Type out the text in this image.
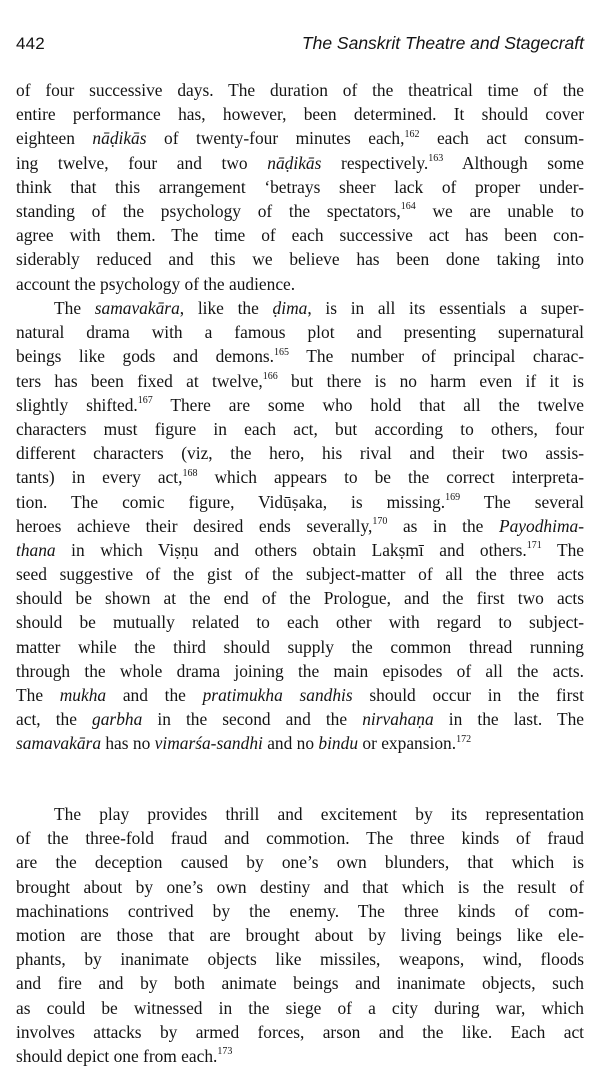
442	The Sanskrit Theatre and Stagecraft
of four successive days. The duration of the theatrical time of the
entire performance has, however, been determined. It should cover
eighteen nāḍikās of twenty-four minutes each,$^{162}$ each act consum-
ing twelve, four and two nāḍikās respectively.$^{163}$ Although some
think that this arrangement ‘betrays sheer lack of proper under-
standing of the psychology of the spectators,$^{164}$ we are unable to
agree with them. The time of each successive act has been con-
siderably reduced and this we believe has been done taking into
account the psychology of the audience.
The samavakāra, like the ḍima, is in all its essentials a super-
natural drama with a famous plot and presenting supernatural
beings like gods and demons.$^{165}$ The number of principal charac-
ters has been fixed at twelve,$^{166}$ but there is no harm even if it is
slightly shifted.$^{167}$ There are some who hold that all the twelve
characters must figure in each act, but according to others, four
different characters (viz, the hero, his rival and their two assis-
tants) in every act,$^{168}$ which appears to be the correct interpreta-
tion. The comic figure, Vidūṣaka, is missing.$^{169}$ The several
heroes achieve their desired ends severally,$^{170}$ as in the Payodhima-
thana in which Viṣṇu and others obtain Lakṣmī and others.$^{171}$ The
seed suggestive of the gist of the subject-matter of all the three acts
should be shown at the end of the Prologue, and the first two acts
should be mutually related to each other with regard to subject-
matter while the third should supply the common thread running
through the whole drama joining the main episodes of all the acts.
The mukha and the pratimukha sandhis should occur in the first
act, the garbha in the second and the nirvahaṇa in the last. The
samavakāra has no vimarśa-sandhi and no bindu or expansion.$^{172}$
The play provides thrill and excitement by its representation
of the three-fold fraud and commotion. The three kinds of fraud
are the deception caused by one’s own blunders, that which is
brought about by one’s own destiny and that which is the result of
machinations contrived by the enemy. The three kinds of com-
motion are those that are brought about by living beings like ele-
phants, by inanimate objects like missiles, weapons, wind, floods
and fire and by both animate beings and inanimate objects, such
as could be witnessed in the siege of a city during war, which
involves attacks by armed forces, arson and the like. Each act
should depict one from each.$^{173}$
